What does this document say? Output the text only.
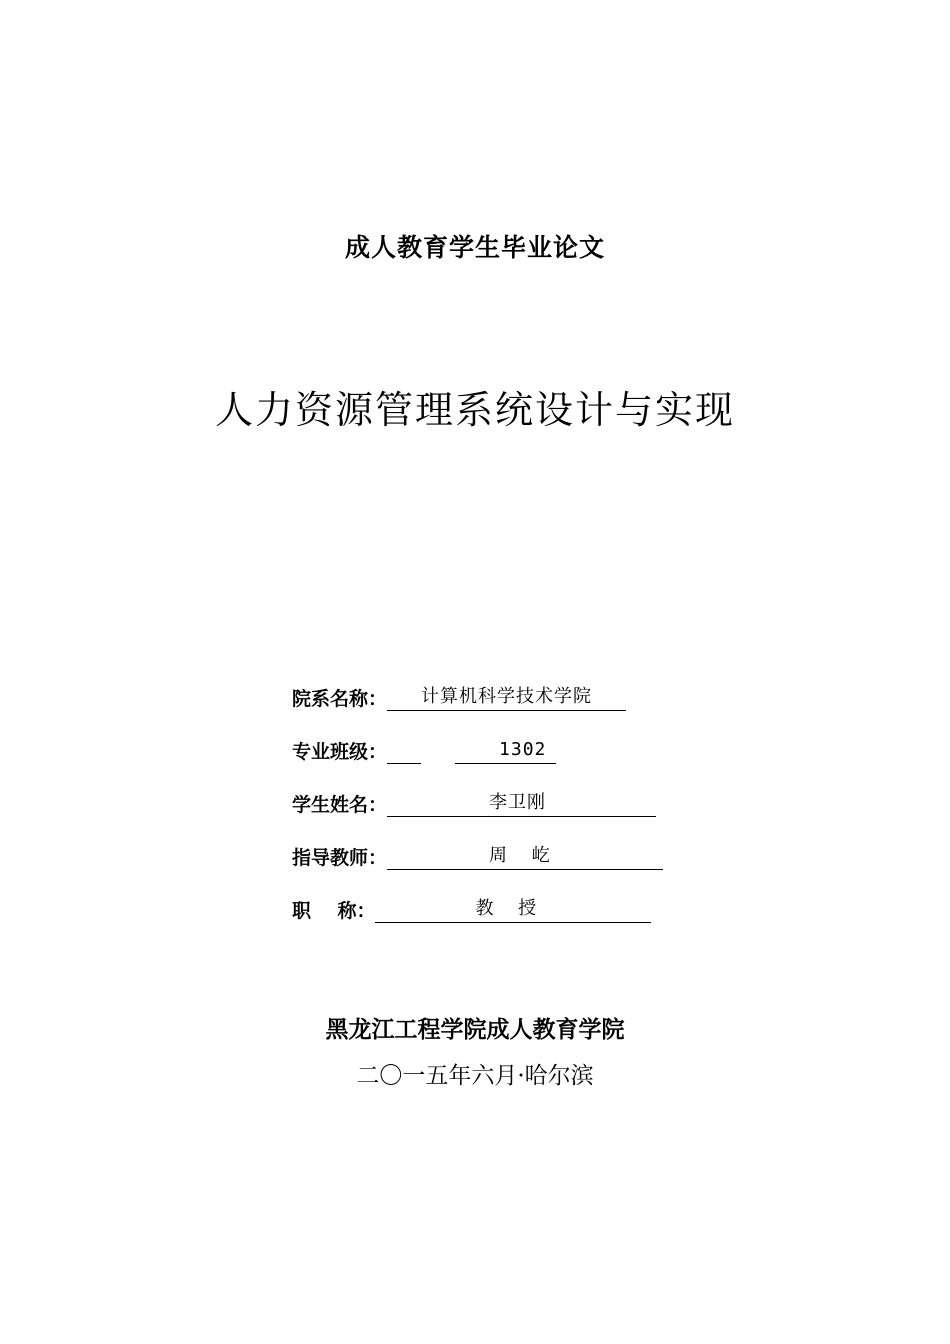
成人教育学生毕业论文
人力资源管理系统设计与实现
院系名称： 计算机科学技术学院
专业班级：	1302
学生姓名：	李卫刚
指导教师：	周  屹
职    称：	教  授
黑龙江工程学院成人教育学院
二〇一五年六月·哈尔滨
